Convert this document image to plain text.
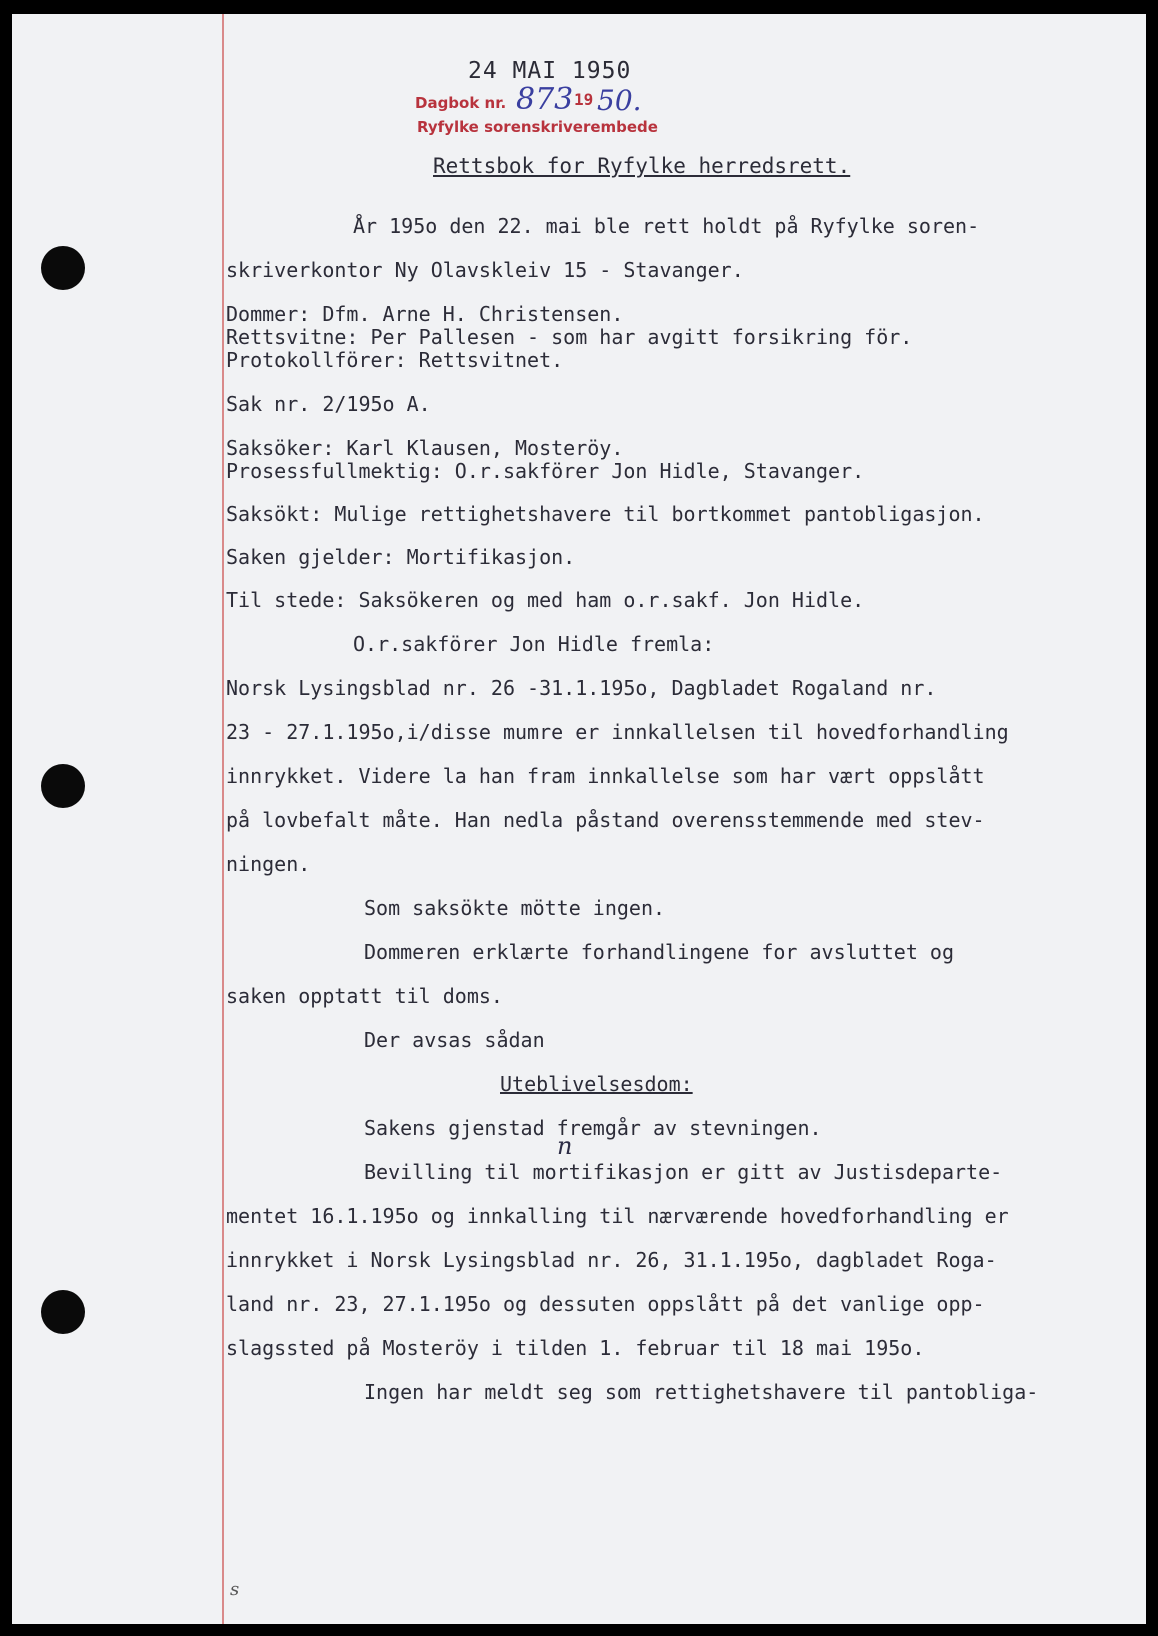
24 MAI 1950
Dagbok nr. 873 19 50.
Ryfylke sorenskriverembede
Rettsbok for Ryfylke herredsrett.
År 195o den 22. mai ble rett holdt på Ryfylke soren-
skriverkontor Ny Olavskleiv 15 - Stavanger.
Dommer: Dfm. Arne H. Christensen.
Rettsvitne: Per Pallesen - som har avgitt forsikring för.
Protokollförer: Rettsvitnet.
Sak nr. 2/195o A.
Saksöker: Karl Klausen, Mosteröy.
Prosessfullmektig: O.r.sakförer Jon Hidle, Stavanger.
Saksökt: Mulige rettighetshavere til bortkommet pantobligasjon.
Saken gjelder: Mortifikasjon.
Til stede: Saksökeren og med ham o.r.sakf. Jon Hidle.
O.r.sakförer Jon Hidle fremla:
Norsk Lysingsblad nr. 26 -31.1.195o, Dagbladet Rogaland nr.
23 - 27.1.195o,i/disse mumre er innkallelsen til hovedforhandling
innrykket. Videre la han fram innkallelse som har vært oppslått
på lovbefalt måte. Han nedla påstand overensstemmende med stev-
ningen.
Som saksökte mötte ingen.
Dommeren erklærte forhandlingene for avsluttet og
saken opptatt til doms.
Der avsas sådan
Uteblivelsesdom:
n
Sakens gjenstad fremgår av stevningen.
Bevilling til mortifikasjon er gitt av Justisdeparte-
mentet 16.1.195o og innkalling til nærværende hovedforhandling er
innrykket i Norsk Lysingsblad nr. 26, 31.1.195o, dagbladet Roga-
land nr. 23, 27.1.195o og dessuten oppslått på det vanlige opp-
slagssted på Mosteröy i tilden 1. februar til 18 mai 195o.
Ingen har meldt seg som rettighetshavere til pantobliga-
s
